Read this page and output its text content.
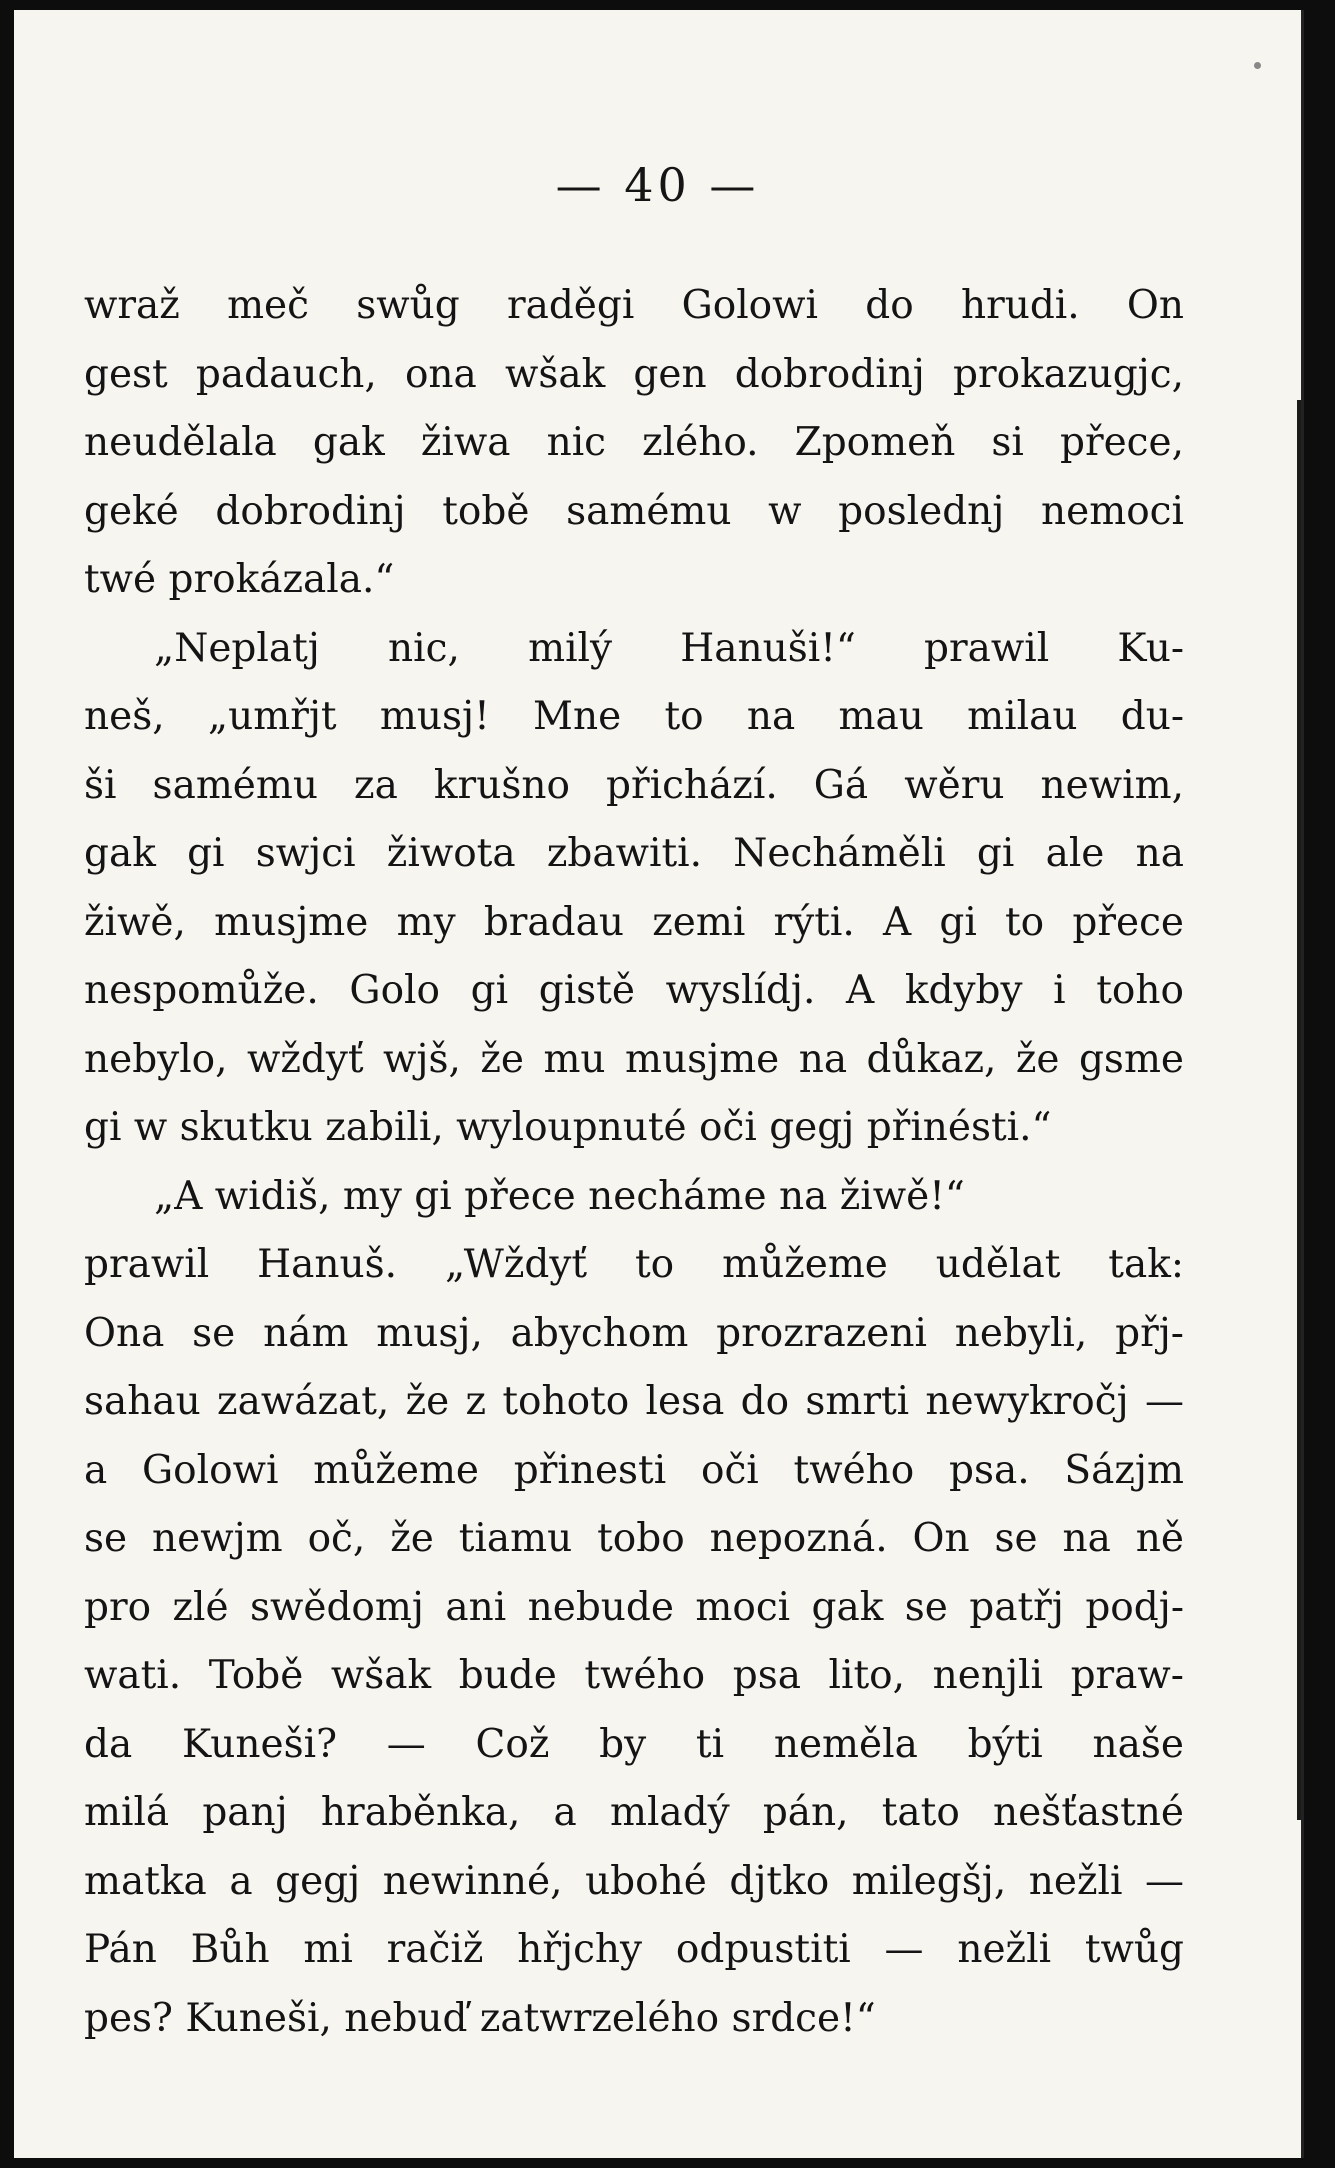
— 40 —
wraž meč swůg raděgi Golowi do hrudi. On
gest padauch, ona wšak gen dobrodinj prokazugjc,
neudělala gak žiwa nic zlého. Zpomeň si přece,
geké dobrodinj tobě samému w poslednj nemoci
twé prokázala.“
„Neplatj nic, milý Hanuši!“ prawil Ku-
neš, „umřjt musj! Mne to na mau milau du-
ši samému za krušno přichází. Gá wěru newim,
gak gi swjci žiwota zbawiti. Necháměli gi ale na
žiwě, musjme my bradau zemi rýti. A gi to přece
nespomůže. Golo gi gistě wyslídj. A kdyby i toho
nebylo, wždyť wjš, že mu musjme na důkaz, že gsme
gi w skutku zabili, wyloupnuté oči gegj přinésti.“
„A widiš, my gi přece necháme na žiwě!“
prawil Hanuš. „Wždyť to můžeme udělat tak:
Ona se nám musj, abychom prozrazeni nebyli, přj-
sahau zawázat, že z tohoto lesa do smrti newykročj —
a Golowi můžeme přinesti oči twého psa. Sázjm
se newjm oč, že tiamu tobo nepozná. On se na ně
pro zlé swědomj ani nebude moci gak se patřj podj-
wati. Tobě wšak bude twého psa lito, nenjli praw-
da Kuneši? — Což by ti neměla býti naše
milá panj hraběnka, a mladý pán, tato nešťastné
matka a gegj newinné, ubohé djtko milegšj, nežli —
Pán Bůh mi račiž hřjchy odpustiti — nežli twůg
pes? Kuneši, nebuď zatwrzelého srdce!“
